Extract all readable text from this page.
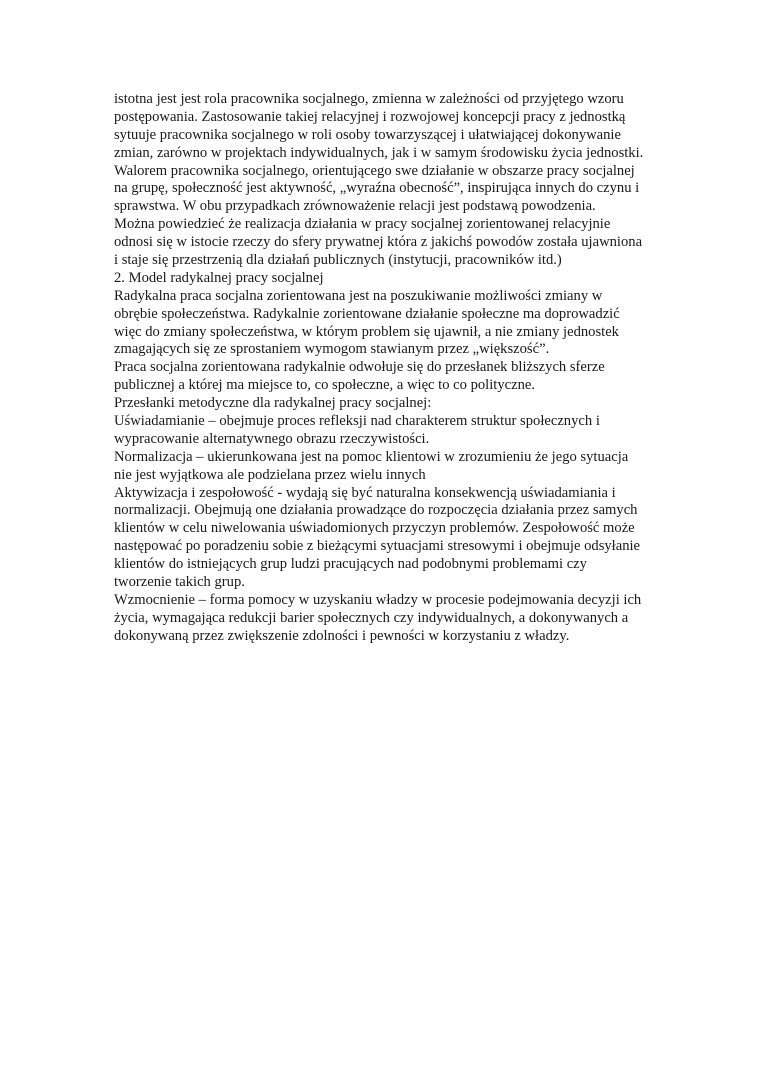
istotna jest jest rola pracownika socjalnego, zmienna w zależności od przyjętego wzoru
postępowania. Zastosowanie takiej relacyjnej i rozwojowej koncepcji pracy z jednostką
sytuuje pracownika socjalnego w roli osoby towarzyszącej i ułatwiającej dokonywanie
zmian, zarówno w projektach indywidualnych, jak i w samym środowisku życia jednostki.
Walorem pracownika socjalnego, orientującego swe działanie w obszarze pracy socjalnej
na grupę, społeczność jest aktywność, „wyraźna obecność”, inspirująca innych do czynu i
sprawstwa. W obu przypadkach zrównoważenie relacji jest podstawą powodzenia.
Można powiedzieć że realizacja działania w pracy socjalnej zorientowanej relacyjnie
odnosi się w istocie rzeczy do sfery prywatnej która z jakichś powodów została ujawniona
i staje się przestrzenią dla działań publicznych (instytucji, pracowników itd.)
2. Model radykalnej pracy socjalnej
Radykalna praca socjalna zorientowana jest na poszukiwanie możliwości zmiany w
obrębie społeczeństwa. Radykalnie zorientowane działanie społeczne ma doprowadzić
więc do zmiany społeczeństwa, w którym problem się ujawnił, a nie zmiany jednostek
zmagających się ze sprostaniem wymogom stawianym przez „większość”.
Praca socjalna zorientowana radykalnie odwołuje się do przesłanek bliższych sferze
publicznej a której ma miejsce to, co społeczne, a więc to co polityczne.
Przesłanki metodyczne dla radykalnej pracy socjalnej:
Uświadamianie – obejmuje proces refleksji nad charakterem struktur społecznych i
wypracowanie alternatywnego obrazu rzeczywistości.
Normalizacja – ukierunkowana jest na pomoc klientowi w zrozumieniu że jego sytuacja
nie jest wyjątkowa ale podzielana przez wielu innych
Aktywizacja i zespołowość - wydają się być naturalna konsekwencją uświadamiania i
normalizacji. Obejmują one działania prowadzące do rozpoczęcia działania przez samych
klientów w celu niwelowania uświadomionych przyczyn problemów. Zespołowość może
następować po poradzeniu sobie z bieżącymi sytuacjami stresowymi i obejmuje odsyłanie
klientów do istniejących grup ludzi pracujących nad podobnymi problemami czy
tworzenie takich grup.
Wzmocnienie – forma pomocy w uzyskaniu władzy w procesie podejmowania decyzji ich
życia, wymagająca redukcji barier społecznych czy indywidualnych, a dokonywanych a
dokonywaną przez zwiększenie zdolności i pewności w korzystaniu z władzy.
